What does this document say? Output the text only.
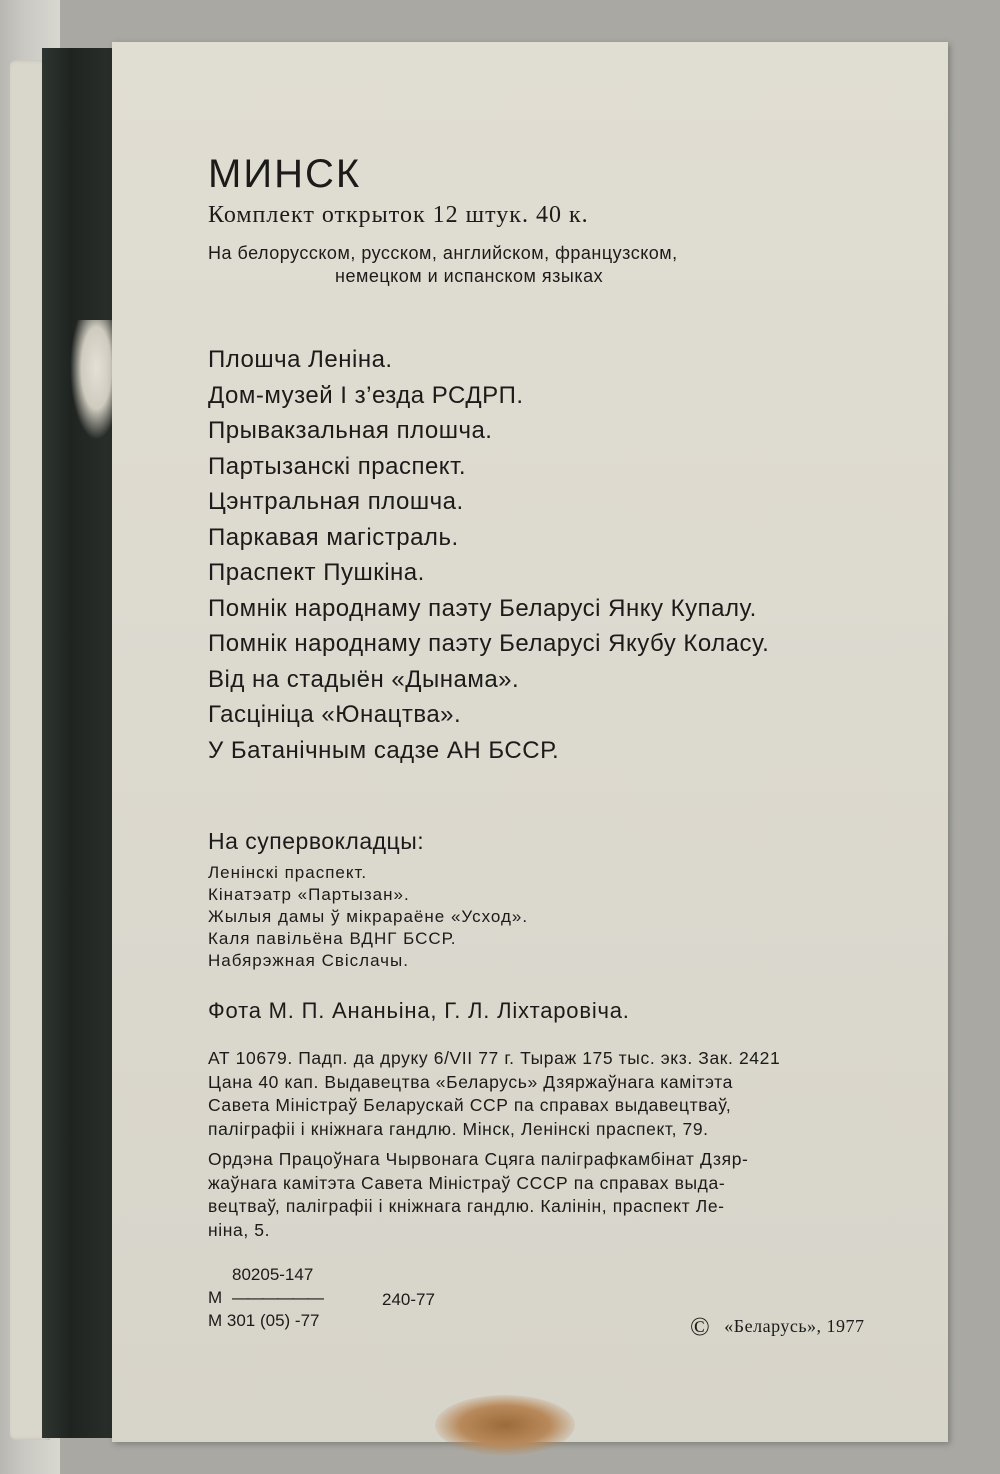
МИНСК
Комплект открыток 12 штук. 40 к.
На белорусском, русском, английском, французском,
немецком и испанском языках
Плошча Леніна.
Дом-музей І з’езда РСДРП.
Прывакзальная плошча.
Партызанскі праспект.
Цэнтральная плошча.
Паркавая магістраль.
Праспект Пушкіна.
Помнік народнаму паэту Беларусі Янку Купалу.
Помнік народнаму паэту Беларусі Якубу Коласу.
Від на стадыён «Дынама».
Гасцініца «Юнацтва».
У Батанічным садзе АН БССР.
На супервокладцы:
Ленінскі праспект.
Кінатэатр «Партызан».
Жылыя дамы ў мікрараёне «Усход».
Каля павільёна ВДНГ БССР.
Набярэжная Свіслачы.
Фота М. П. Ананьіна, Г. Л. Ліхтаровіча.
АТ 10679. Падп. да друку 6/VII 77 г. Тыраж 175 тыс. экз. Зак. 2421
Цана 40 кап. Выдавецтва «Беларусь» Дзяржаўнага камітэта
Савета Міністраў Беларускай ССР па справах выдавецтваў,
паліграфіі і кніжнага гандлю. Мінск, Ленінскі праспект, 79.
Ордэна Працоўнага Чырвонага Сцяга паліграфкамбінат Дзяр-
жаўнага камітэта Савета Міністраў СССР па справах выда-
вецтваў, паліграфіі і кніжнага гандлю. Калінін, праспект Ле-
ніна, 5.
80205-147
М ——————	240-77
М 301 (05) -77	© «Беларусь», 1977
